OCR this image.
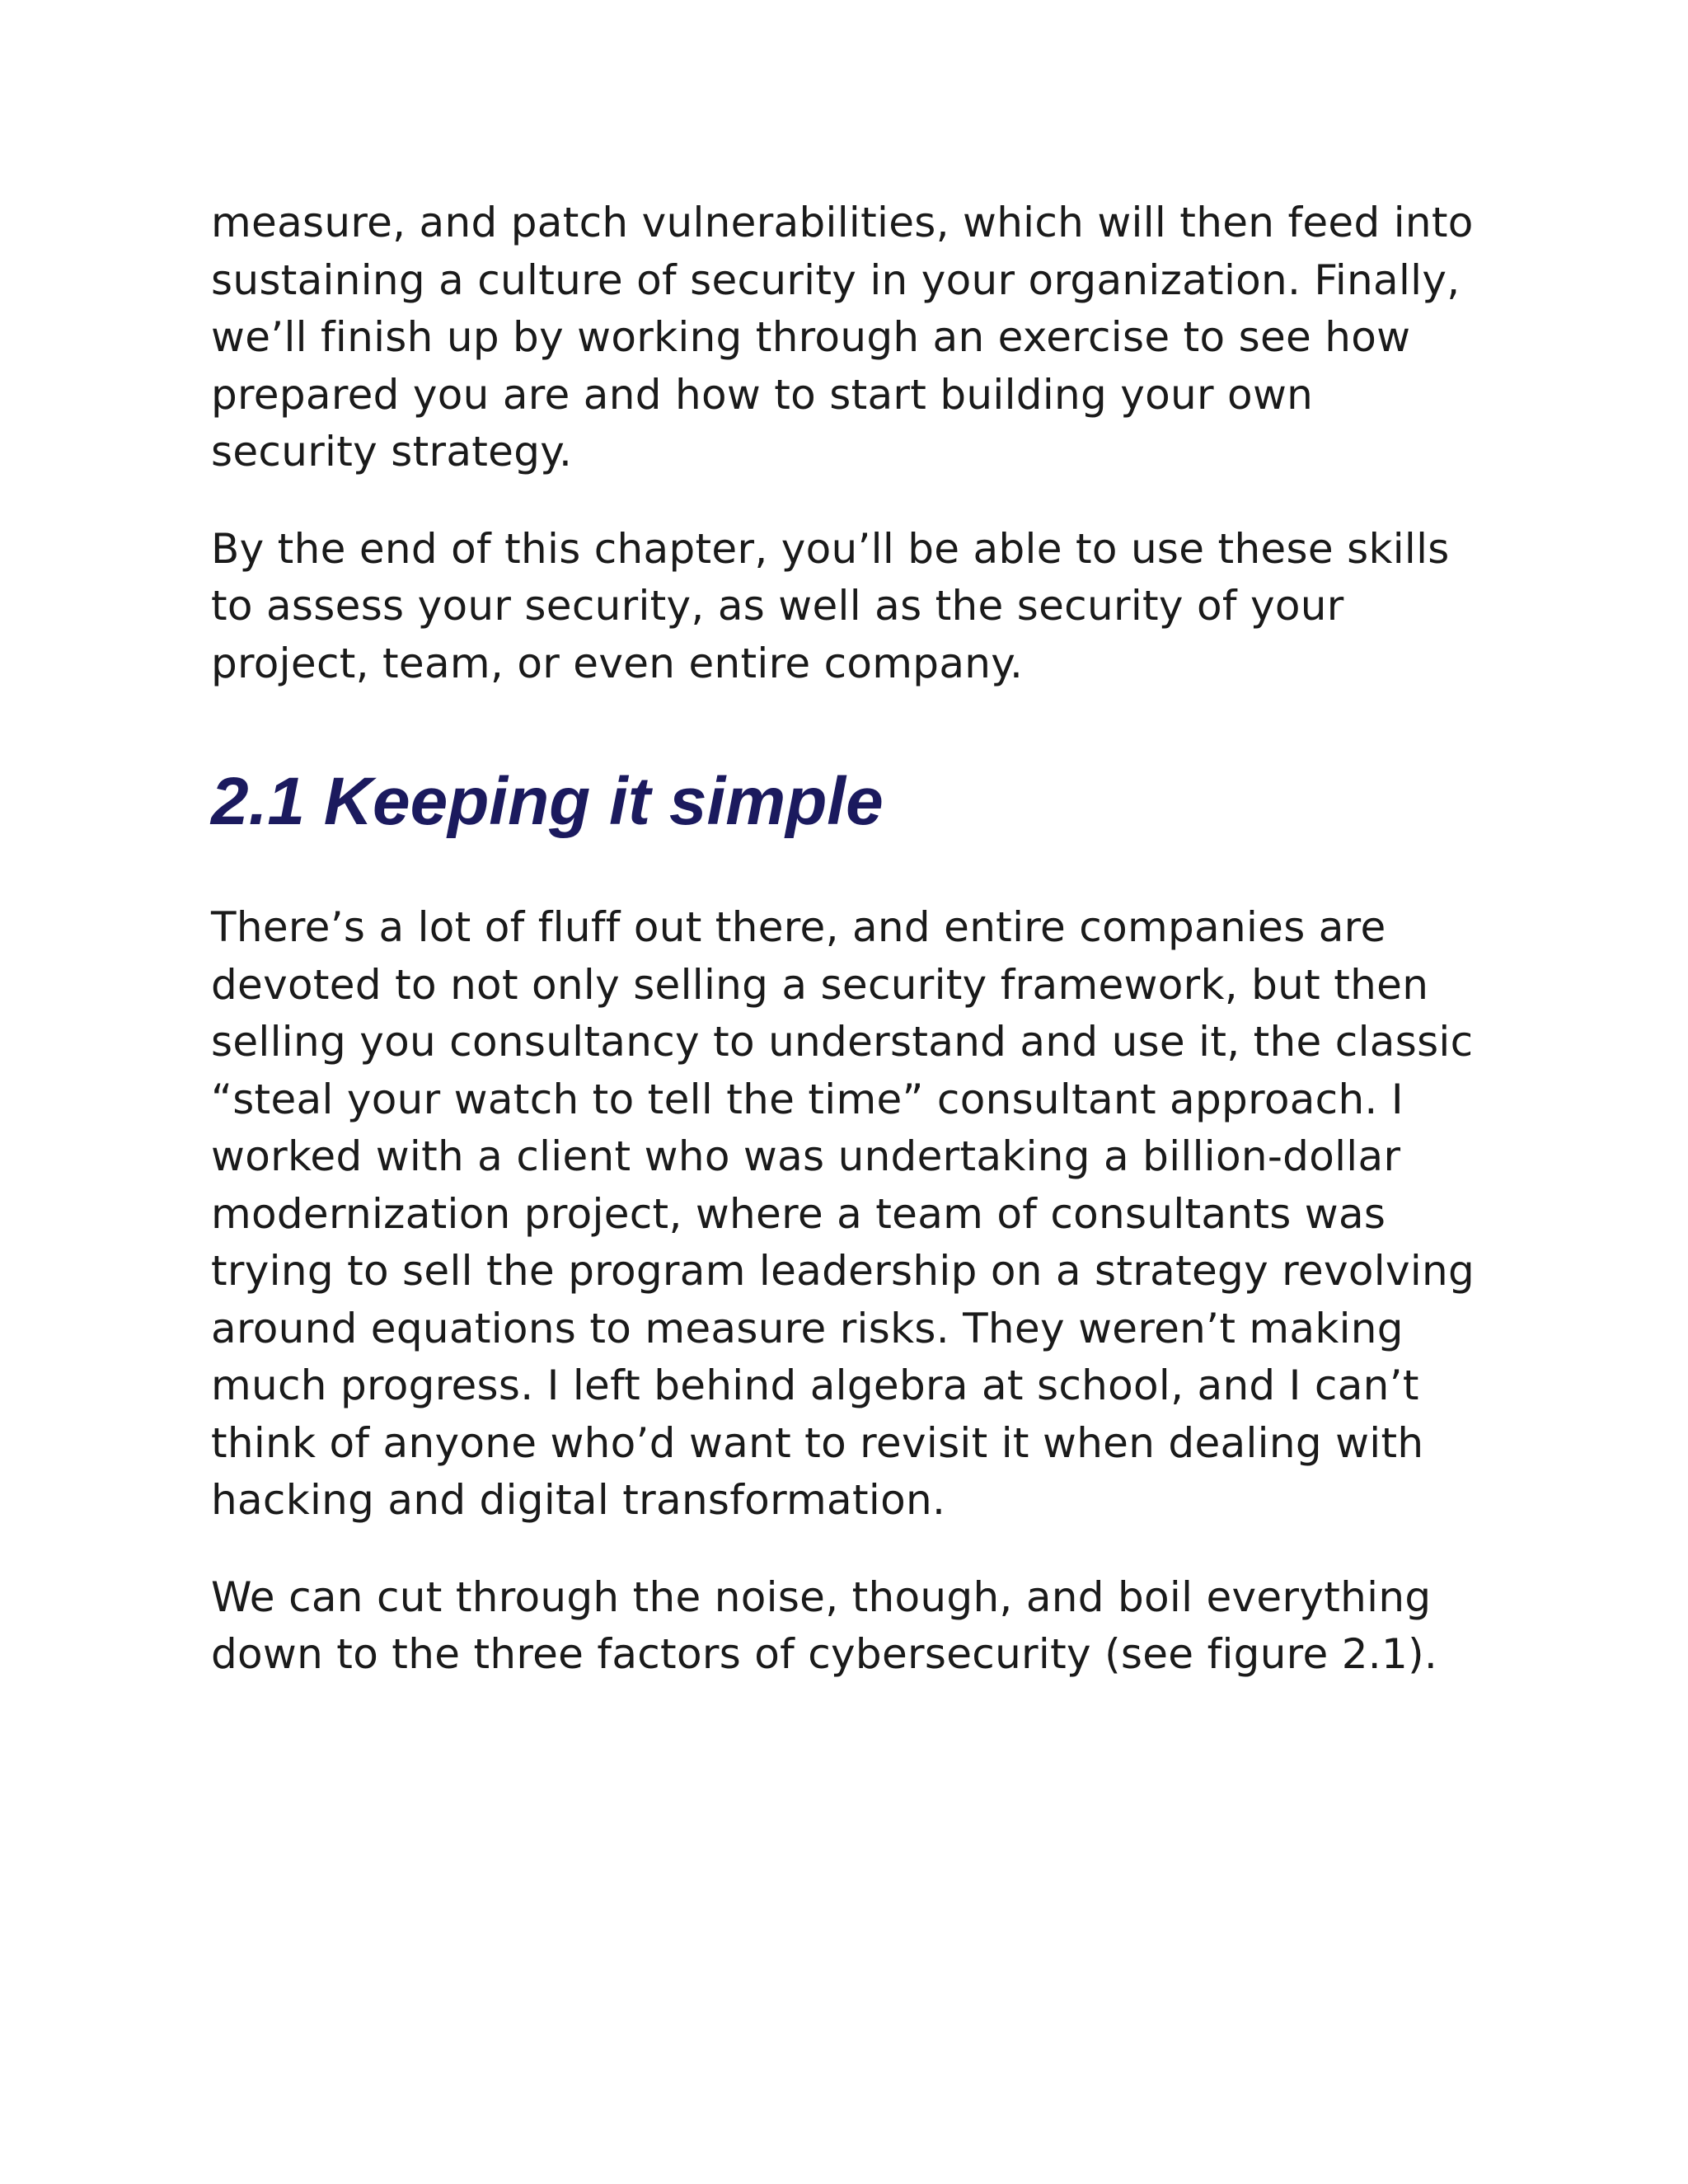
measure, and patch vulnerabilities, which will then feed into
sustaining a culture of security in your organization. Finally,
we’ll finish up by working through an exercise to see how
prepared you are and how to start building your own
security strategy.

By the end of this chapter, you’ll be able to use these skills
to assess your security, as well as the security of your
project, team, or even entire company.

2.1 Keeping it simple

There’s a lot of fluff out there, and entire companies are
devoted to not only selling a security framework, but then
selling you consultancy to understand and use it, the classic
“steal your watch to tell the time” consultant approach. I
worked with a client who was undertaking a billion-dollar
modernization project, where a team of consultants was
trying to sell the program leadership on a strategy revolving
around equations to measure risks. They weren’t making
much progress. I left behind algebra at school, and I can’t
think of anyone who’d want to revisit it when dealing with
hacking and digital transformation.

We can cut through the noise, though, and boil everything
down to the three factors of cybersecurity (see figure 2.1).
